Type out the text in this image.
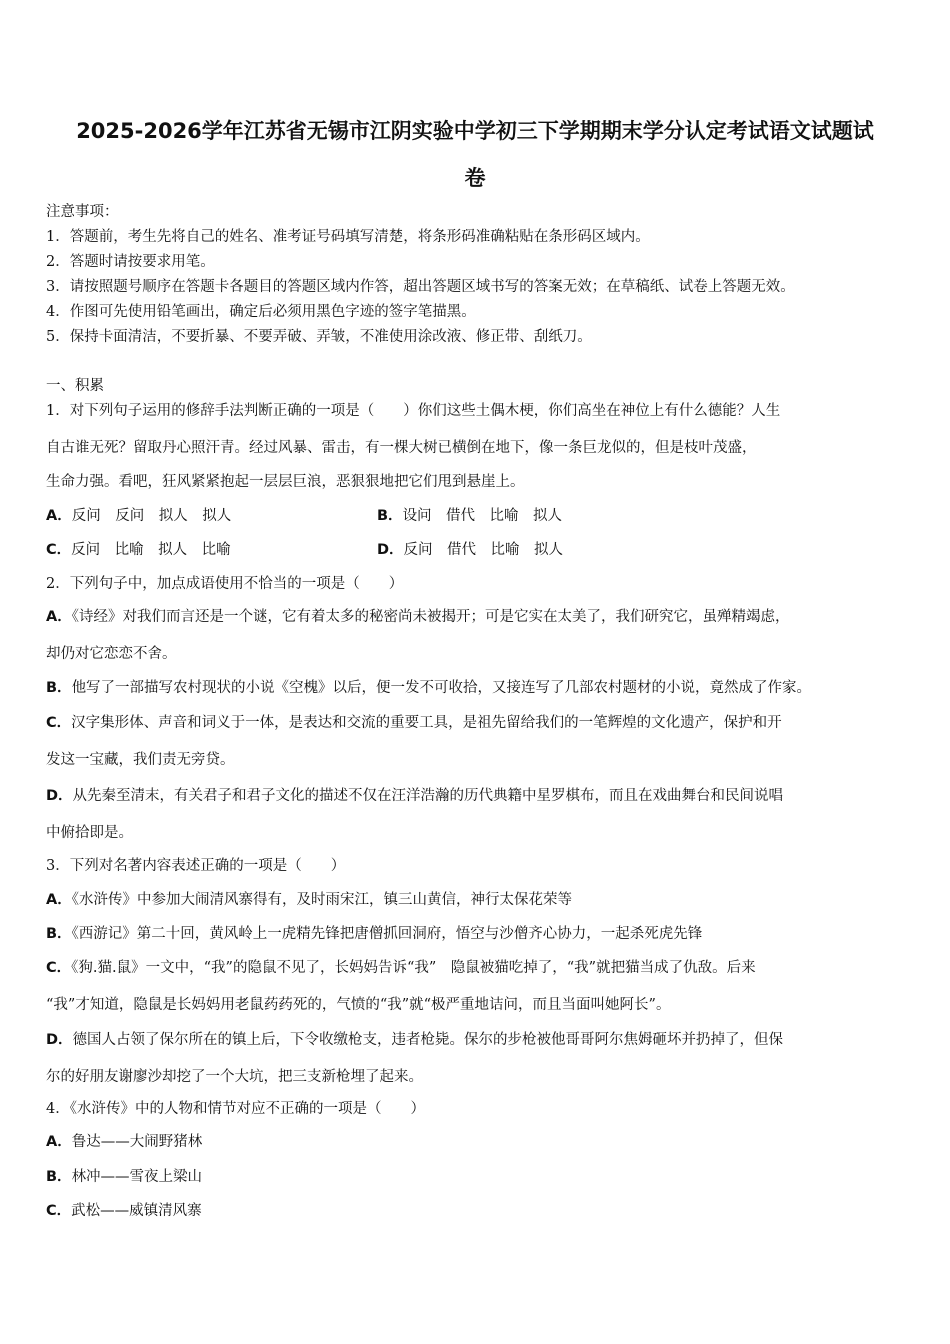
2025-2026学年江苏省无锡市江阴实验中学初三下学期期末学分认定考试语文试题试
卷
注意事项：
1．答题前，考生先将自己的姓名、准考证号码填写清楚，将条形码准确粘贴在条形码区域内。
2．答题时请按要求用笔。
3．请按照题号顺序在答题卡各题目的答题区域内作答，超出答题区域书写的答案无效；在草稿纸、试卷上答题无效。
4．作图可先使用铅笔画出，确定后必须用黑色字迹的签字笔描黑。
5．保持卡面清洁，不要折暴、不要弄破、弄皱，不准使用涂改液、修正带、刮纸刀。
一、积累
1．对下列句子运用的修辞手法判断正确的一项是（　　）你们这些土偶木梗，你们高坐在神位上有什么德能？人生
自古谁无死？留取丹心照汗青。经过风暴、雷击，有一棵大树已横倒在地下，像一条巨龙似的，但是枝叶茂盛，
生命力强。看吧，狂风紧紧抱起一层层巨浪，恶狠狠地把它们甩到悬崖上。
A．反问　反问　拟人　拟人	B．设问　借代　比喻　拟人
C．反问　比喻　拟人　比喻	D．反问　借代　比喻　拟人
2．下列句子中，加点成语使用不恰当的一项是（　　）
A．《诗经》对我们而言还是一个谜，它有着太多的秘密尚未被揭开；可是它实在太美了，我们研究它，虽殚精竭虑，
却仍对它恋恋不舍。
B．他写了一部描写农村现状的小说《空槐》以后，便一发不可收拾，又接连写了几部农村题材的小说，竟然成了作家。
C．汉字集形体、声音和词义于一体，是表达和交流的重要工具，是祖先留给我们的一笔辉煌的文化遗产，保护和开
发这一宝藏，我们责无旁贷。
D．从先秦至清末，有关君子和君子文化的描述不仅在汪洋浩瀚的历代典籍中星罗棋布，而且在戏曲舞台和民间说唱
中俯拾即是。
3．下列对名著内容表述正确的一项是（　　）
A．《水浒传》中参加大闹清风寨得有，及时雨宋江，镇三山黄信，神行太保花荣等
B．《西游记》第二十回，黄风岭上一虎精先锋把唐僧抓回洞府，悟空与沙僧齐心协力，一起杀死虎先锋
C．《狗.猫.鼠》一文中，“我”的隐鼠不见了，长妈妈告诉“我”　隐鼠被猫吃掉了，“我”就把猫当成了仇敌。后来
“我”才知道，隐鼠是长妈妈用老鼠药药死的，气愤的“我”就“极严重地诘问，而且当面叫她阿长”。
D．德国人占领了保尔所在的镇上后，下令收缴枪支，违者枪毙。保尔的步枪被他哥哥阿尔焦姆砸坏并扔掉了，但保
尔的好朋友谢廖沙却挖了一个大坑，把三支新枪埋了起来。
4．《水浒传》中的人物和情节对应不正确的一项是（　　）
A．鲁达——大闹野猪林
B．林冲——雪夜上梁山
C．武松——威镇清风寨
